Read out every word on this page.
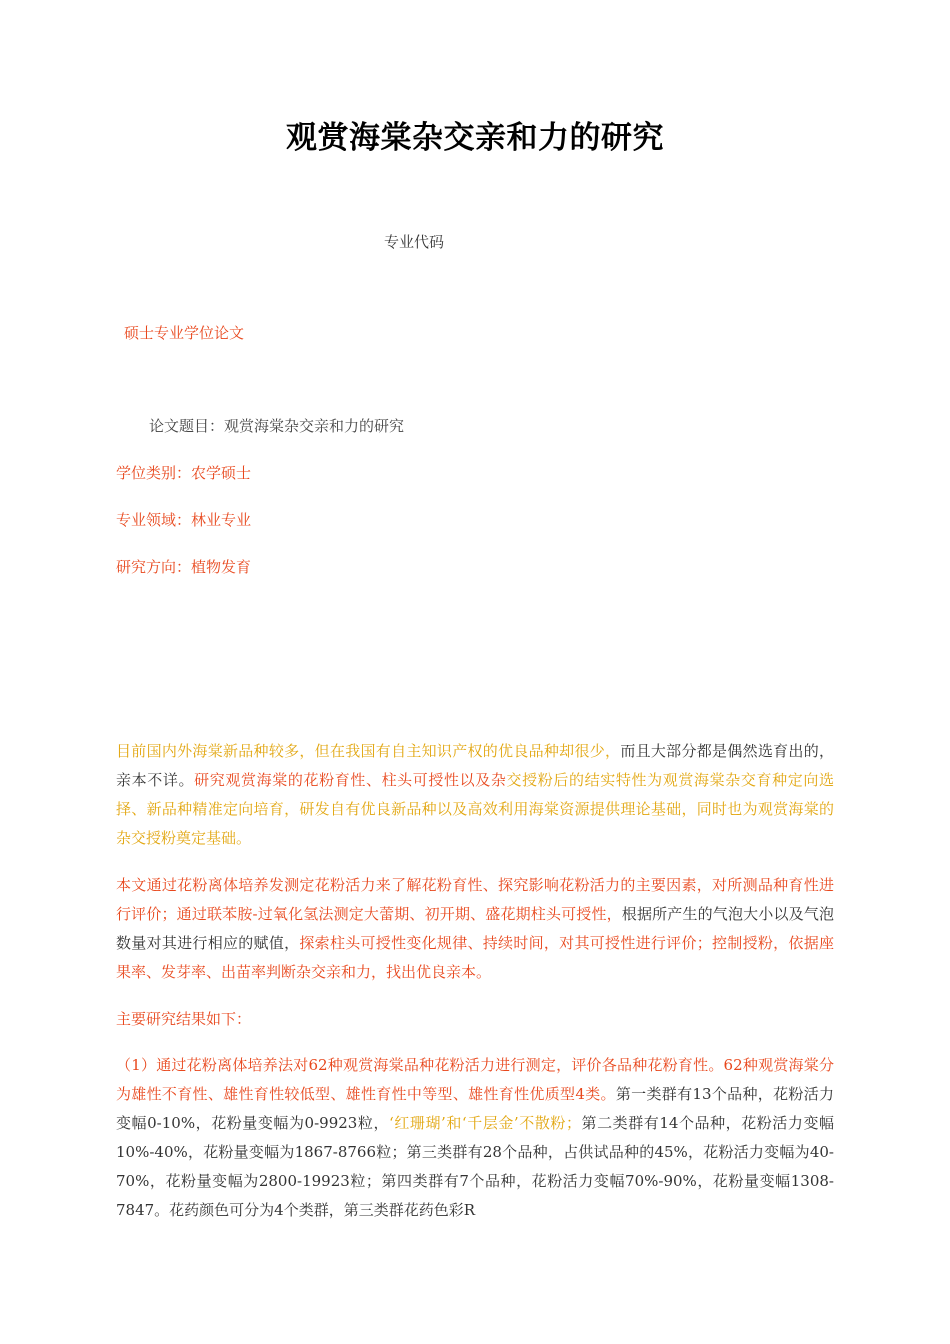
观赏海棠杂交亲和力的研究
专业代码
硕士专业学位论文
论文题目：观赏海棠杂交亲和力的研究
学位类别：农学硕士
专业领域：林业专业
研究方向：植物发育

目前国内外海棠新品种较多，但在我国有自主知识产权的优良品种却很少，而且大部分都是偶然选育出的，亲本不详。研究观赏海棠的花粉育性、柱头可授性以及杂交授粉后的结实特性为观赏海棠杂交育种定向选择、新品种精准定向培育，研发自有优良新品种以及高效利用海棠资源提供理论基础，同时也为观赏海棠的杂交授粉奠定基础。

本文通过花粉离体培养发测定花粉活力来了解花粉育性、探究影响花粉活力的主要因素，对所测品种育性进行评价；通过联苯胺-过氧化氢法测定大蕾期、初开期、盛花期柱头可授性，根据所产生的气泡大小以及气泡数量对其进行相应的赋值，探索柱头可授性变化规律、持续时间，对其可授性进行评价；控制授粉，依据座果率、发芽率、出苗率判断杂交亲和力，找出优良亲本。

主要研究结果如下：

（1）通过花粉离体培养法对62种观赏海棠品种花粉活力进行测定，评价各品种花粉育性。62种观赏海棠分为雄性不育性、雄性育性较低型、雄性育性中等型、雄性育性优质型4类。第一类群有13个品种，花粉活力变幅0-10%，花粉量变幅为0-9923粒，‘红珊瑚’和‘千层金’不散粉；第二类群有14个品种，花粉活力变幅10%-40%，花粉量变幅为1867-8766粒；第三类群有28个品种，占供试品种的45%，花粉活力变幅为40-70%，花粉量变幅为2800-19923粒；第四类群有7个品种，花粉活力变幅70%-90%，花粉量变幅1308-7847。花药颜色可分为4个类群，第三类群花药色彩R
